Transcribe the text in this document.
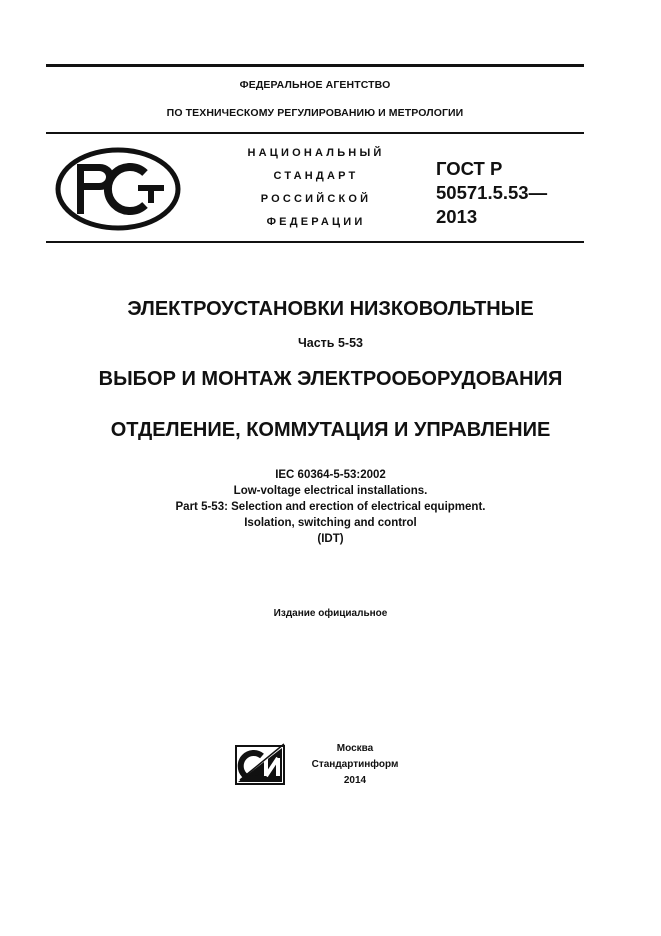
ФЕДЕРАЛЬНОЕ АГЕНТСТВО
ПО ТЕХНИЧЕСКОМУ РЕГУЛИРОВАНИЮ И МЕТРОЛОГИИ
НАЦИОНАЛЬНЫЙ
СТАНДАРТ
РОССИЙСКОЙ
ФЕДЕРАЦИИ
ГОСТ Р
50571.5.53—
2013
ЭЛЕКТРОУСТАНОВКИ НИЗКОВОЛЬТНЫЕ
Часть 5-53
ВЫБОР И МОНТАЖ ЭЛЕКТРООБОРУДОВАНИЯ
ОТДЕЛЕНИЕ, КОММУТАЦИЯ И УПРАВЛЕНИЕ
IEC 60364-5-53:2002
Low-voltage electrical installations.
Part 5-53: Selection and erection of electrical equipment.
Isolation, switching and control
(IDT)
Издание официальное
Москва
Стандартинформ
2014
